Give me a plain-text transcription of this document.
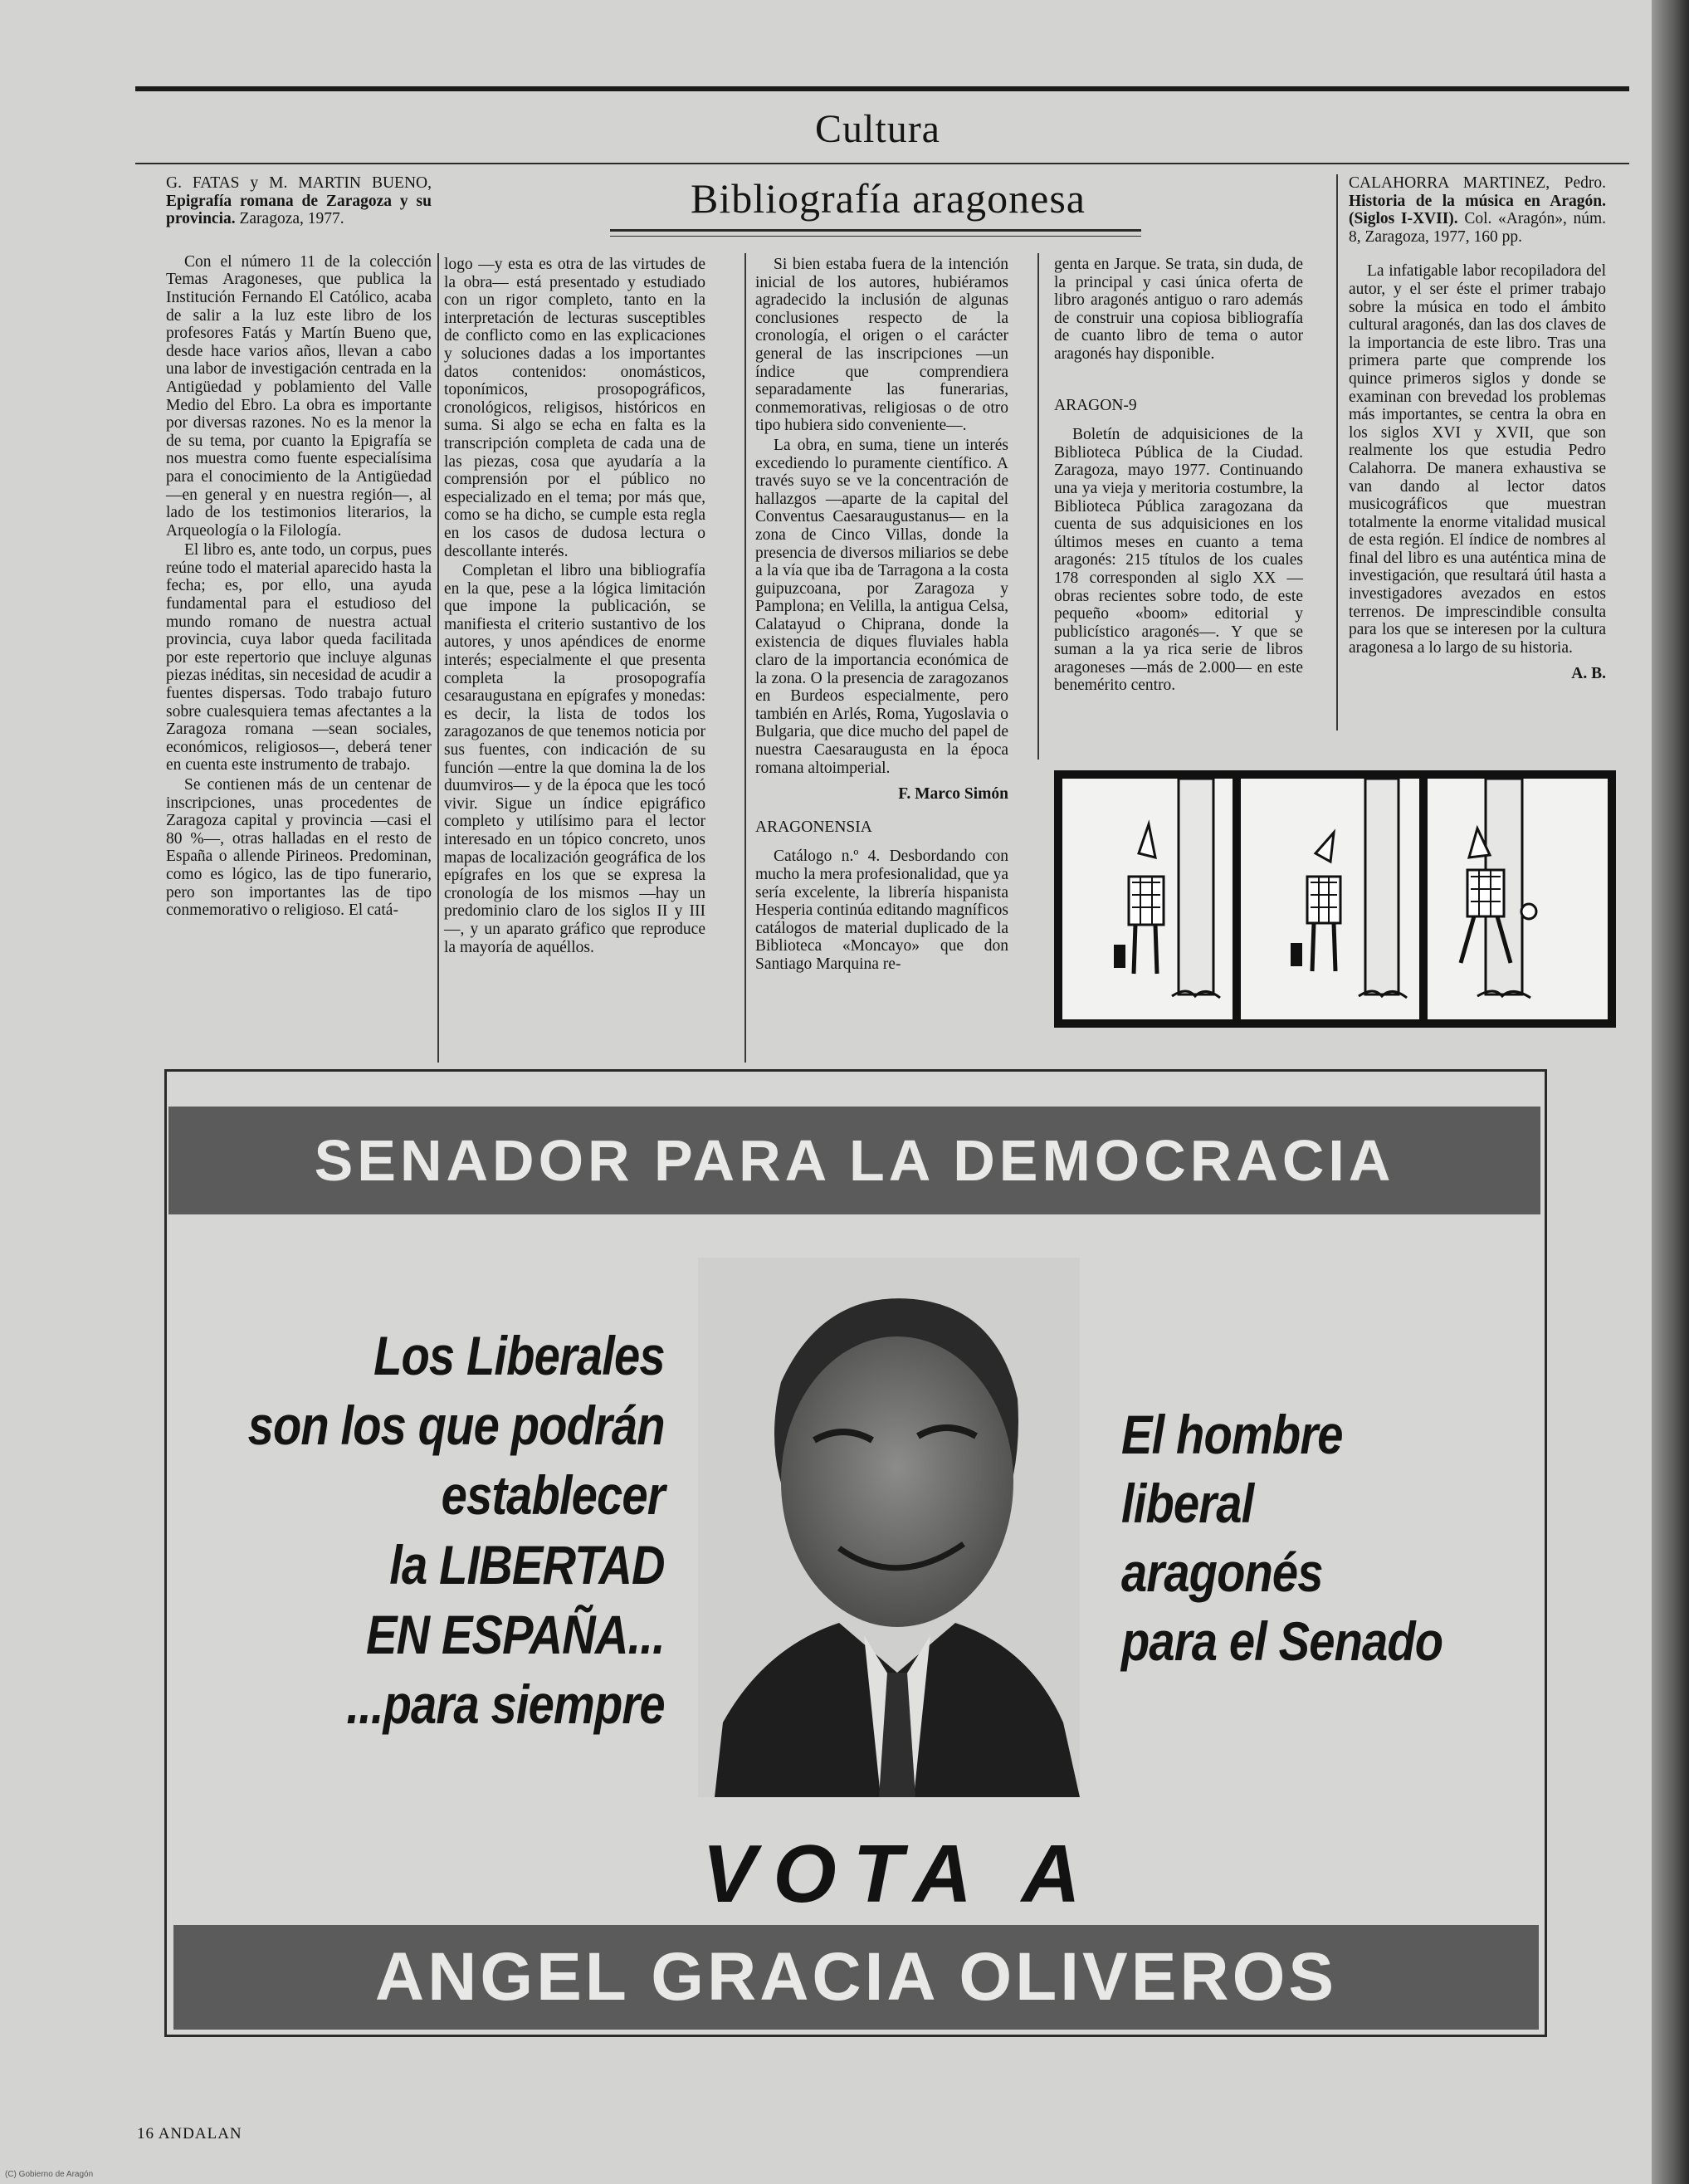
Cultura
Bibliografía aragonesa
G. FATAS y M. MARTIN BUENO, Epigrafía romana de Zaragoza y su provincia. Zaragoza, 1977.

Con el número 11 de la colección Temas Aragoneses, que publica la Institución Fernando El Católico, acaba de salir a la luz este libro de los profesores Fatás y Martín Bueno que, desde hace varios años, llevan a cabo una labor de investigación centrada en la Antigüedad y poblamiento del Valle Medio del Ebro. La obra es importante por diversas razones. No es la menor la de su tema, por cuanto la Epigrafía se nos muestra como fuente especialísima para el conocimiento de la Antigüedad —en general y en nuestra región—, al lado de los testimonios literarios, la Arqueología o la Filología.

El libro es, ante todo, un corpus, pues reúne todo el material aparecido hasta la fecha; es, por ello, una ayuda fundamental para el estudioso del mundo romano de nuestra actual provincia, cuya labor queda facilitada por este repertorio que incluye algunas piezas inéditas, sin necesidad de acudir a fuentes dispersas. Todo trabajo futuro sobre cualesquiera temas afectantes a la Zaragoza romana —sean sociales, económicos, religiosos—, deberá tener en cuenta este instrumento de trabajo.

Se contienen más de un centenar de inscripciones, unas procedentes de Zaragoza capital y provincia —casi el 80 %—, otras halladas en el resto de España o allende Pirineos. Predominan, como es lógico, las de tipo funerario, pero son importantes las de tipo conmemorativo o religioso. El catá-

logo —y esta es otra de las virtudes de la obra— está presentado y estudiado con un rigor completo, tanto en la interpretación de lecturas susceptibles de conflicto como en las explicaciones y soluciones dadas a los importantes datos contenidos: onomásticos, toponímicos, prosopográficos, cronológicos, religisos, históricos en suma. Si algo se echa en falta es la transcripción completa de cada una de las piezas, cosa que ayudaría a la comprensión por el público no especializado en el tema; por más que, como se ha dicho, se cumple esta regla en los casos de dudosa lectura o descollante interés.

Completan el libro una bibliografía en la que, pese a la lógica limitación que impone la publicación, se manifiesta el criterio sustantivo de los autores, y unos apéndices de enorme interés; especialmente el que presenta completa la prosopografía cesaraugustana en epígrafes y monedas: es decir, la lista de todos los zaragozanos de que tenemos noticia por sus fuentes, con indicación de su función —entre la que domina la de los duumviros— y de la época que les tocó vivir. Sigue un índice epigráfico completo y utilísimo para el lector interesado en un tópico concreto, unos mapas de localización geográfica de los epígrafes en los que se expresa la cronología de los mismos —hay un predominio claro de los siglos II y III—, y un aparato gráfico que reproduce la mayoría de aquéllos.

Si bien estaba fuera de la intención inicial de los autores, hubiéramos agradecido la inclusión de algunas conclusiones respecto de la cronología, el origen o el carácter general de las inscripciones —un índice que comprendiera separadamente las funerarias, conmemorativas, religiosas o de otro tipo hubiera sido conveniente—.

La obra, en suma, tiene un interés excediendo lo puramente científico. A través suyo se ve la concentración de hallazgos —aparte de la capital del Conventus Caesaraugustanus— en la zona de Cinco Villas, donde la presencia de diversos miliarios se debe a la vía que iba de Tarragona a la costa guipuzcoana, por Zaragoza y Pamplona; en Velilla, la antigua Celsa, Calatayud o Chiprana, donde la existencia de diques fluviales habla claro de la importancia económica de la zona. O la presencia de zaragozanos en Burdeos especialmente, pero también en Arlés, Roma, Yugoslavia o Bulgaria, que dice mucho del papel de nuestra Caesaraugusta en la época romana altoimperial.

F. Marco Simón
ARAGONENSIA

Catálogo n.º 4. Desbordando con mucho la mera profesionalidad, que ya sería excelente, la librería hispanista Hesperia continúa editando magníficos catálogos de material duplicado de la Biblioteca «Moncayo» que don Santiago Marquina re-

genta en Jarque. Se trata, sin duda, de la principal y casi única oferta de libro aragonés antiguo o raro además de construir una copiosa bibliografía de cuanto libro de tema o autor aragonés hay disponible.

ARAGON-9

Boletín de adquisiciones de la Biblioteca Pública de la Ciudad. Zaragoza, mayo 1977. Continuando una ya vieja y meritoria costumbre, la Biblioteca Pública zaragozana da cuenta de sus adquisiciones en los últimos meses en cuanto a tema aragonés: 215 títulos de los cuales 178 corresponden al siglo XX —obras recientes sobre todo, de este pequeño «boom» editorial y publicístico aragonés—. Y que se suman a la ya rica serie de libros aragoneses —más de 2.000— en este benemérito centro.

CALAHORRA MARTINEZ, Pedro. Historia de la música en Aragón. (Siglos I-XVII). Col. «Aragón», núm. 8, Zaragoza, 1977, 160 pp.

La infatigable labor recopiladora del autor, y el ser éste el primer trabajo sobre la música en todo el ámbito cultural aragonés, dan las dos claves de la importancia de este libro. Tras una primera parte que comprende los quince primeros siglos y donde se examinan con brevedad los problemas más importantes, se centra la obra en los siglos XVI y XVII, que son realmente los que estudia Pedro Calahorra. De manera exhaustiva se van dando al lector datos musicográficos que muestran totalmente la enorme vitalidad musical de esta región. El índice de nombres al final del libro es una auténtica mina de investigación, que resultará útil hasta a investigadores avezados en estos terrenos. De imprescindible consulta para los que se interesen por la cultura aragonesa a lo largo de su historia.

A. B.
SENADOR PARA LA DEMOCRACIA
Los Liberales
son los que podrán
establecer
la LIBERTAD
EN ESPAÑA...
...para siempre
El hombre liberal
aragonés
para el Senado
VOTA A
ANGEL GRACIA OLIVEROS
16 ANDALAN
(C) Gobierno de Aragón
